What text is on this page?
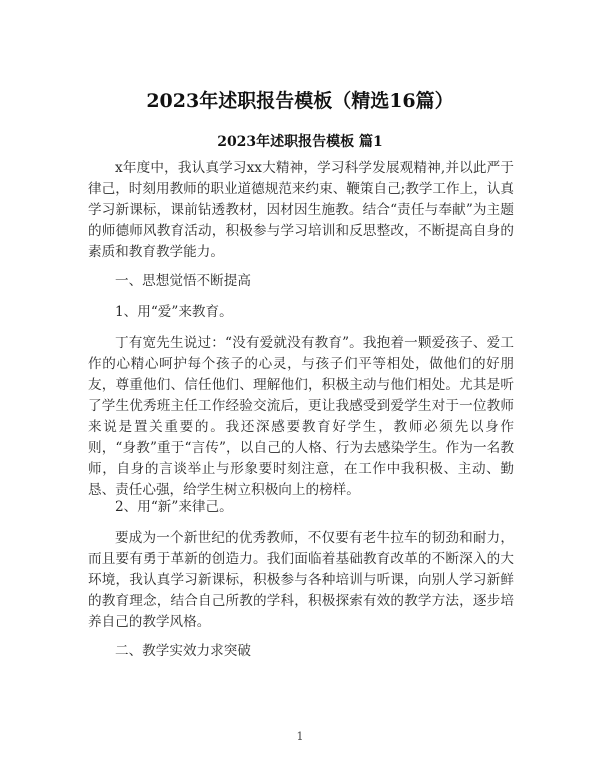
2023年述职报告模板（精选16篇）
2023年述职报告模板 篇1

x年度中，我认真学习xx大精神，学习科学发展观精神,并以此严于律己，时刻用教师的职业道德规范来约束、鞭策自己;教学工作上，认真学习新课标，课前钻透教材，因材因生施教。结合“责任与奉献”为主题的师德师风教育活动，积极参与学习培训和反思整改，不断提高自身的素质和教育教学能力。

一、思想觉悟不断提高
1、用“爱”来教育。

丁有宽先生说过：“没有爱就没有教育”。我抱着一颗爱孩子、爱工作的心精心呵护每个孩子的心灵，与孩子们平等相处，做他们的好朋友，尊重他们、信任他们、理解他们，积极主动与他们相处。尤其是听了学生优秀班主任工作经验交流后，更让我感受到爱学生对于一位教师来说是置关重要的。我还深感要教育好学生，教师必须先以身作则，“身教”重于“言传”，以自己的人格、行为去感染学生。作为一名教师，自身的言谈举止与形象要时刻注意，在工作中我积极、主动、勤恳、责任心强，给学生树立积极向上的榜样。

2、用“新”来律己。

要成为一个新世纪的优秀教师，不仅要有老牛拉车的韧劲和耐力，而且要有勇于革新的创造力。我们面临着基础教育改革的不断深入的大环境，我认真学习新课标，积极参与各种培训与听课，向别人学习新鲜的教育理念，结合自己所教的学科，积极探索有效的教学方法，逐步培养自己的教学风格。

二、教学实效力求突破
1
